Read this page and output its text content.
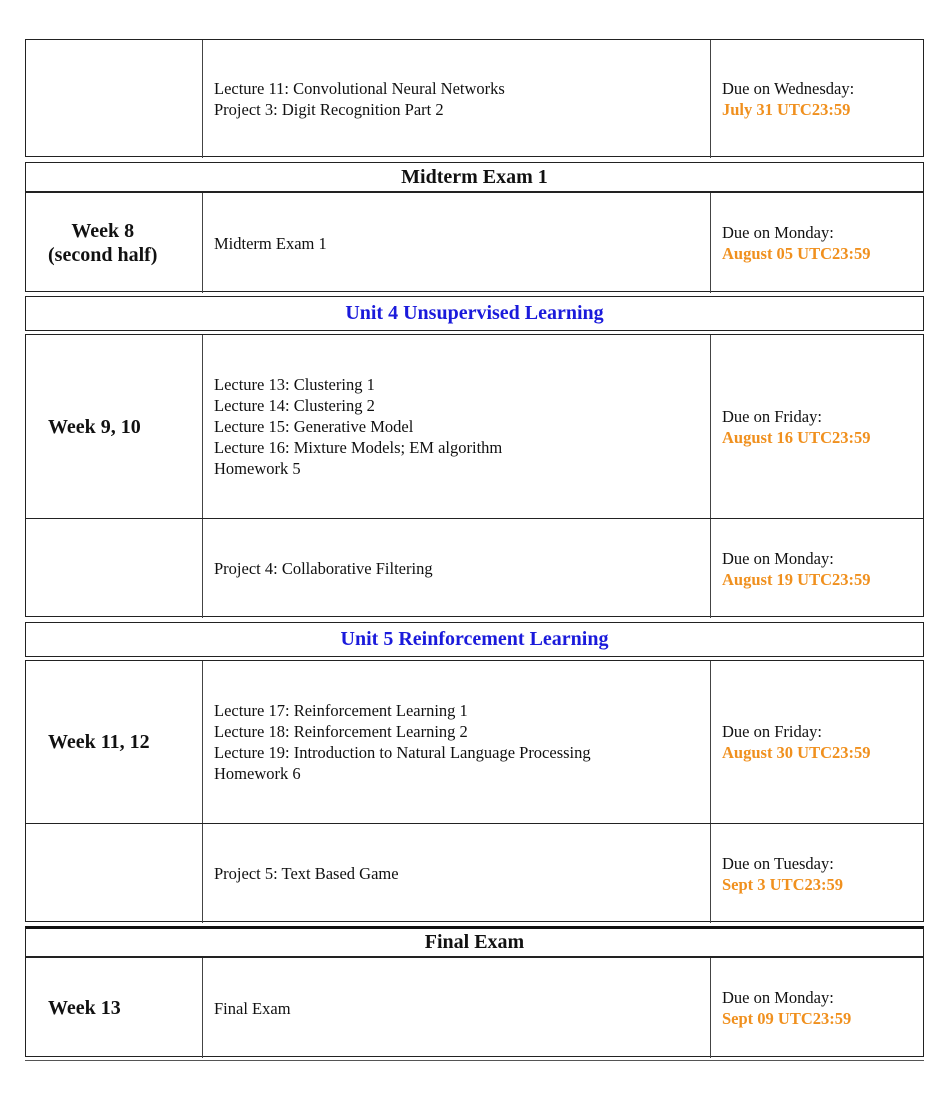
Lecture 11: Convolutional Neural Networks
Project 3: Digit Recognition Part 2
Due on Wednesday:
July 31 UTC23:59
Midterm Exam 1
Week 8
(second half)
Midterm Exam 1
Due on Monday:
August 05 UTC23:59
Unit 4 Unsupervised Learning
Week 9, 10
Lecture 13: Clustering 1
Lecture 14: Clustering 2
Lecture 15: Generative Model
Lecture 16: Mixture Models; EM algorithm
Homework 5
Due on Friday:
August 16 UTC23:59
Project 4: Collaborative Filtering
Due on Monday:
August 19 UTC23:59
Unit 5 Reinforcement Learning
Week 11, 12
Lecture 17: Reinforcement Learning 1
Lecture 18: Reinforcement Learning 2
Lecture 19: Introduction to Natural Language Processing
Homework 6
Due on Friday:
August 30 UTC23:59
Project 5: Text Based Game
Due on Tuesday:
Sept 3 UTC23:59
Final Exam
Week 13	Final Exam
Due on Monday:
Sept 09 UTC23:59
